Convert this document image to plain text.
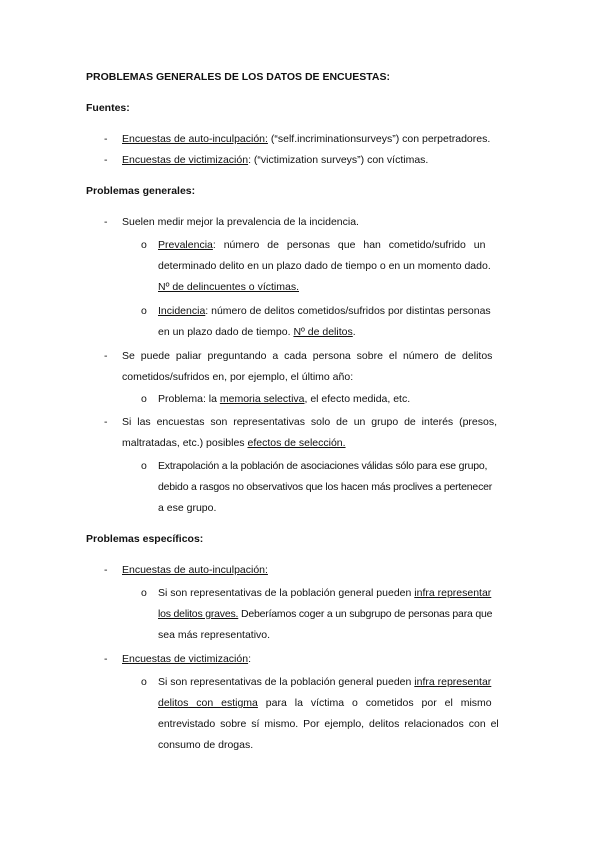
PROBLEMAS GENERALES DE LOS DATOS DE ENCUESTAS:
Fuentes:
-	Encuestas de auto-inculpación: (“self.incriminationsurveys”) con perpetradores.
-	Encuestas de victimización: (“victimization surveys”) con víctimas.
Problemas generales:
-	Suelen medir mejor la prevalencia de la incidencia.
o	Prevalencia: número de personas que han cometido/sufrido un
determinado delito en un plazo dado de tiempo o en un momento dado.
Nº de delincuentes o víctimas.
o	Incidencia: número de delitos cometidos/sufridos por distintas personas
en un plazo dado de tiempo. Nº de delitos.
-	Se puede paliar preguntando a cada persona sobre el número de delitos
cometidos/sufridos en, por ejemplo, el último año:
o	Problema: la memoria selectiva, el efecto medida, etc.
-	Si las encuestas son representativas solo de un grupo de interés (presos,
maltratadas, etc.) posibles efectos de selección.
o	Extrapolación a la población de asociaciones válidas sólo para ese grupo,
debido a rasgos no observativos que los hacen más proclives a pertenecer
a ese grupo.
Problemas específicos:
-	Encuestas de auto-inculpación:
o	Si son representativas de la población general pueden infra representar
los delitos graves. Deberíamos coger a un subgrupo de personas para que
sea más representativo.
-	Encuestas de victimización:
o	Si son representativas de la población general pueden infra representar
delitos con estigma para la víctima o cometidos por el mismo
entrevistado sobre sí mismo. Por ejemplo, delitos relacionados con el
consumo de drogas.
